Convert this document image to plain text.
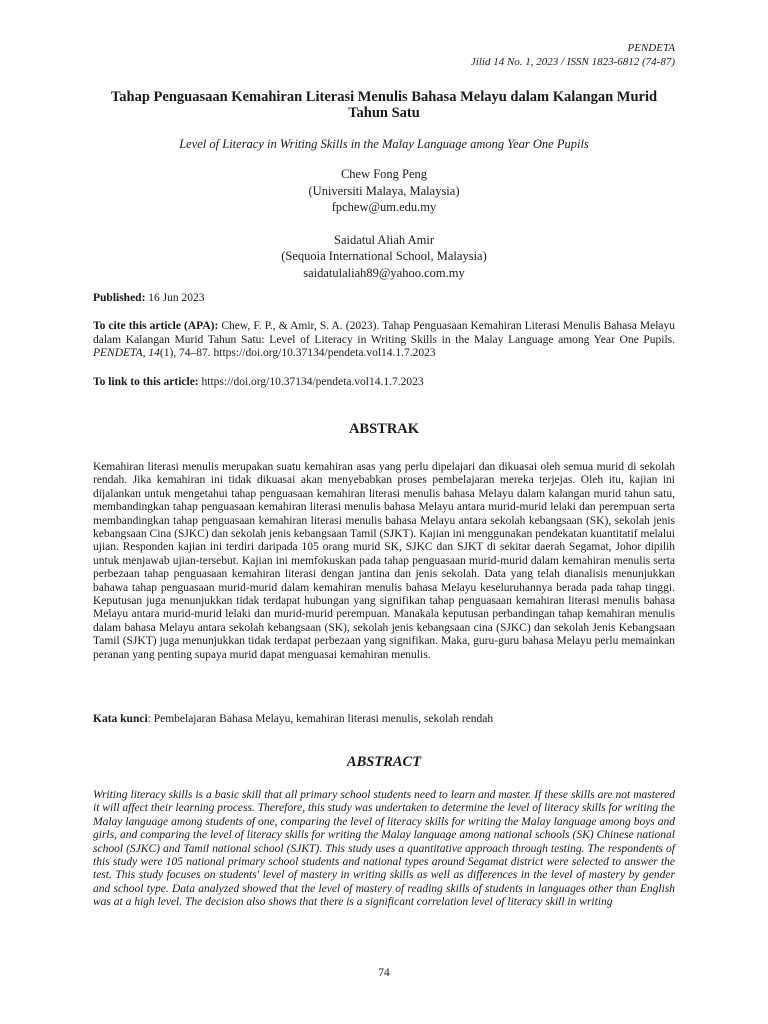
PENDETA
Jilid 14 No. 1, 2023 / ISSN 1823-6812 (74-87)
Tahap Penguasaan Kemahiran Literasi Menulis Bahasa Melayu dalam Kalangan Murid Tahun Satu
Level of Literacy in Writing Skills in the Malay Language among Year One Pupils
Chew Fong Peng
(Universiti Malaya, Malaysia)
fpchew@um.edu.my
Saidatul Aliah Amir
(Sequoia International School, Malaysia)
saidatulaliah89@yahoo.com.my
Published: 16 Jun 2023
To cite this article (APA): Chew, F. P., & Amir, S. A. (2023). Tahap Penguasaan Kemahiran Literasi Menulis Bahasa Melayu dalam Kalangan Murid Tahun Satu: Level of Literacy in Writing Skills in the Malay Language among Year One Pupils. PENDETA, 14(1), 74–87. https://doi.org/10.37134/pendeta.vol14.1.7.2023
To link to this article: https://doi.org/10.37134/pendeta.vol14.1.7.2023
ABSTRAK
Kemahiran literasi menulis merupakan suatu kemahiran asas yang perlu dipelajari dan dikuasai oleh semua murid di sekolah rendah. Jika kemahiran ini tidak dikuasai akan menyebabkan proses pembelajaran mereka terjejas. Oleh itu, kajian ini dijalankan untuk mengetahui tahap penguasaan kemahiran literasi menulis bahasa Melayu dalam kalangan murid tahun satu, membandingkan tahap penguasaan kemahiran literasi menulis bahasa Melayu antara murid-murid lelaki dan perempuan serta membandingkan tahap penguasaan kemahiran literasi menulis bahasa Melayu antara sekolah kebangsaan (SK), sekolah jenis kebangsaan Cina (SJKC) dan sekolah jenis kebangsaan Tamil (SJKT). Kajian ini menggunakan pendekatan kuantitatif melalui ujian. Responden kajian ini terdiri daripada 105 orang murid SK, SJKC dan SJKT di sekitar daerah Segamat, Johor dipilih untuk menjawab ujian-tersebut. Kajian ini memfokuskan pada tahap penguasaan murid-murid dalam kemahiran menulis serta perbezaan tahap penguasaan kemahiran literasi dengan jantina dan jenis sekolah. Data yang telah dianalisis menunjukkan bahawa tahap penguasaan murid-murid dalam kemahiran menulis bahasa Melayu keseluruhannya berada pada tahap tinggi. Keputusan juga menunjukkan tidak terdapat hubungan yang signifikan tahap penguasaan kemahiran literasi menulis bahasa Melayu antara murid-murid lelaki dan murid-murid perempuan. Manakala keputusan perbandingan tahap kemahiran menulis dalam bahasa Melayu antara sekolah kebangsaan (SK), sekolah jenis kebangsaan cina (SJKC) dan sekolah Jenis Kebangsaan Tamil (SJKT) juga menunjukkan tidak terdapat perbezaan yang signifikan. Maka, guru-guru bahasa Melayu perlu memainkan peranan yang penting supaya murid dapat menguasai kemahiran menulis.
Kata kunci: Pembelajaran Bahasa Melayu, kemahiran literasi menulis, sekolah rendah
ABSTRACT
Writing literacy skills is a basic skill that all primary school students need to learn and master. If these skills are not mastered it will affect their learning process. Therefore, this study was undertaken to determine the level of literacy skills for writing the Malay language among students of one, comparing the level of literacy skills for writing the Malay language among boys and girls, and comparing the level of literacy skills for writing the Malay language among national schools (SK) Chinese national school (SJKC) and Tamil national school (SJKT). This study uses a quantitative approach through testing. The respondents of this study were 105 national primary school students and national types around Segamat district were selected to answer the test. This study focuses on students' level of mastery in writing skills as well as differences in the level of mastery by gender and school type. Data analyzed showed that the level of mastery of reading skills of students in languages other than English was at a high level. The decision also shows that there is a significant correlation level of literacy skill in writing
74
